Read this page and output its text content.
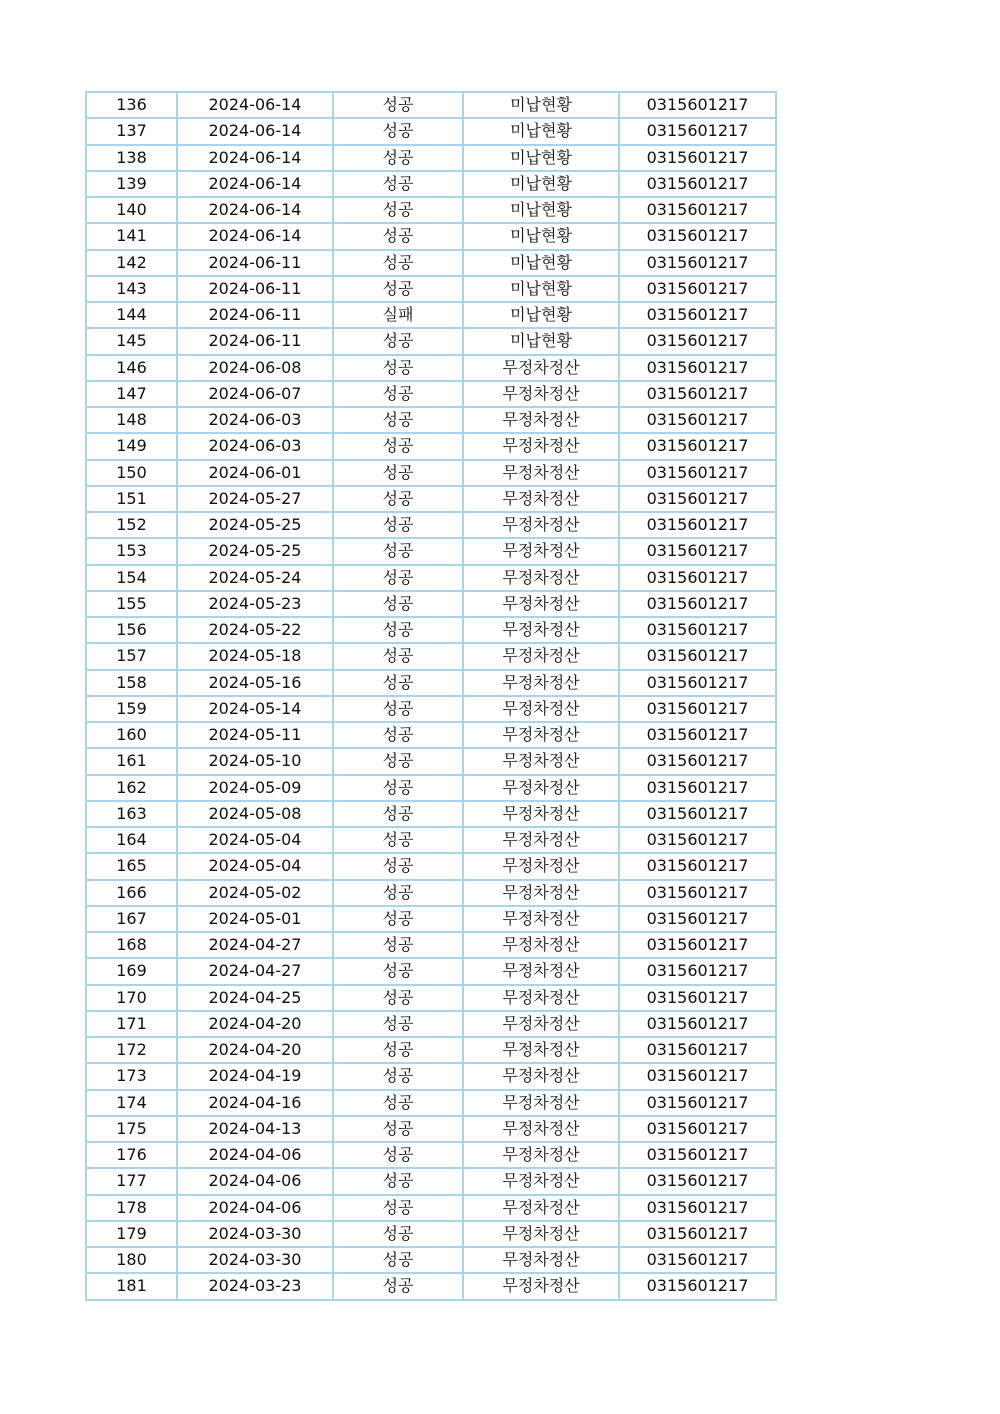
136	2024-06-14	성공	미납현황	0315601217
137	2024-06-14	성공	미납현황	0315601217
138	2024-06-14	성공	미납현황	0315601217
139	2024-06-14	성공	미납현황	0315601217
140	2024-06-14	성공	미납현황	0315601217
141	2024-06-14	성공	미납현황	0315601217
142	2024-06-11	성공	미납현황	0315601217
143	2024-06-11	성공	미납현황	0315601217
144	2024-06-11	실패	미납현황	0315601217
145	2024-06-11	성공	미납현황	0315601217
146	2024-06-08	성공	무정차정산	0315601217
147	2024-06-07	성공	무정차정산	0315601217
148	2024-06-03	성공	무정차정산	0315601217
149	2024-06-03	성공	무정차정산	0315601217
150	2024-06-01	성공	무정차정산	0315601217
151	2024-05-27	성공	무정차정산	0315601217
152	2024-05-25	성공	무정차정산	0315601217
153	2024-05-25	성공	무정차정산	0315601217
154	2024-05-24	성공	무정차정산	0315601217
155	2024-05-23	성공	무정차정산	0315601217
156	2024-05-22	성공	무정차정산	0315601217
157	2024-05-18	성공	무정차정산	0315601217
158	2024-05-16	성공	무정차정산	0315601217
159	2024-05-14	성공	무정차정산	0315601217
160	2024-05-11	성공	무정차정산	0315601217
161	2024-05-10	성공	무정차정산	0315601217
162	2024-05-09	성공	무정차정산	0315601217
163	2024-05-08	성공	무정차정산	0315601217
164	2024-05-04	성공	무정차정산	0315601217
165	2024-05-04	성공	무정차정산	0315601217
166	2024-05-02	성공	무정차정산	0315601217
167	2024-05-01	성공	무정차정산	0315601217
168	2024-04-27	성공	무정차정산	0315601217
169	2024-04-27	성공	무정차정산	0315601217
170	2024-04-25	성공	무정차정산	0315601217
171	2024-04-20	성공	무정차정산	0315601217
172	2024-04-20	성공	무정차정산	0315601217
173	2024-04-19	성공	무정차정산	0315601217
174	2024-04-16	성공	무정차정산	0315601217
175	2024-04-13	성공	무정차정산	0315601217
176	2024-04-06	성공	무정차정산	0315601217
177	2024-04-06	성공	무정차정산	0315601217
178	2024-04-06	성공	무정차정산	0315601217
179	2024-03-30	성공	무정차정산	0315601217
180	2024-03-30	성공	무정차정산	0315601217
181	2024-03-23	성공	무정차정산	0315601217
